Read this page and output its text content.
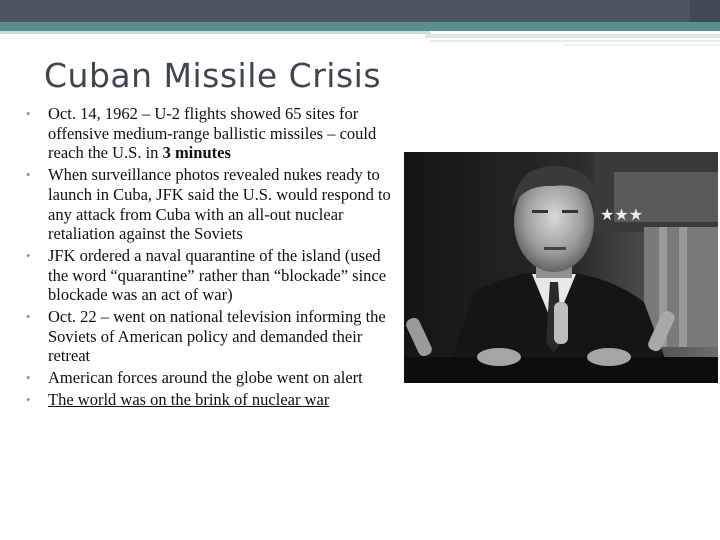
Cuban Missile Crisis
• Oct. 14, 1962 – U-2 flights showed 65 sites for offensive medium-range ballistic missiles – could reach the U.S. in 3 minutes
• When surveillance photos revealed nukes ready to launch in Cuba, JFK said the U.S. would respond to any attack from Cuba with an all-out nuclear retaliation against the Soviets
• JFK ordered a naval quarantine of the island (used the word “quarantine” rather than “blockade” since blockade was an act of war)
• Oct. 22 – went on national television informing the Soviets of American policy and demanded their retreat
• American forces around the globe went on alert
• The world was on the brink of nuclear war
★★★
